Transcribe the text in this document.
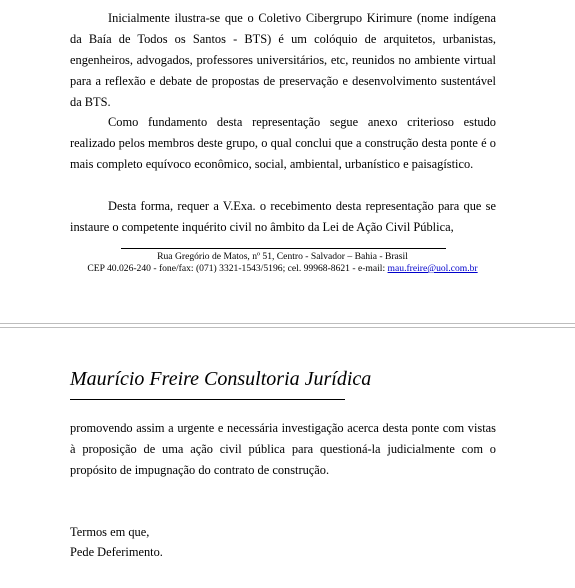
Inicialmente ilustra-se que o Coletivo Cibergrupo Kirimure (nome indígena da Baía de Todos os Santos - BTS) é um colóquio de arquitetos, urbanistas, engenheiros, advogados, professores universitários, etc, reunidos no ambiente virtual para a reflexão e debate de propostas de preservação e desenvolvimento sustentável da BTS.

Como fundamento desta representação segue anexo criterioso estudo realizado pelos membros deste grupo, o qual conclui que a construção desta ponte é o mais completo equívoco econômico, social, ambiental, urbanístico e paisagístico.

Desta forma, requer a V.Exa. o recebimento desta representação para que se instaure o competente inquérito civil no âmbito da Lei de Ação Civil Pública,

Rua Gregório de Matos, nº 51, Centro - Salvador – Bahia - Brasil
CEP 40.026-240 - fone/fax: (071) 3321-1543/5196; cel. 99968-8621 - e-mail: mau.freire@uol.com.br
Maurício Freire Consultoria Jurídica

promovendo assim a urgente e necessária investigação acerca desta ponte com vistas à proposição de uma ação civil pública para questioná-la judicialmente com o propósito de impugnação do contrato de construção.

Termos em que,

Pede Deferimento.
